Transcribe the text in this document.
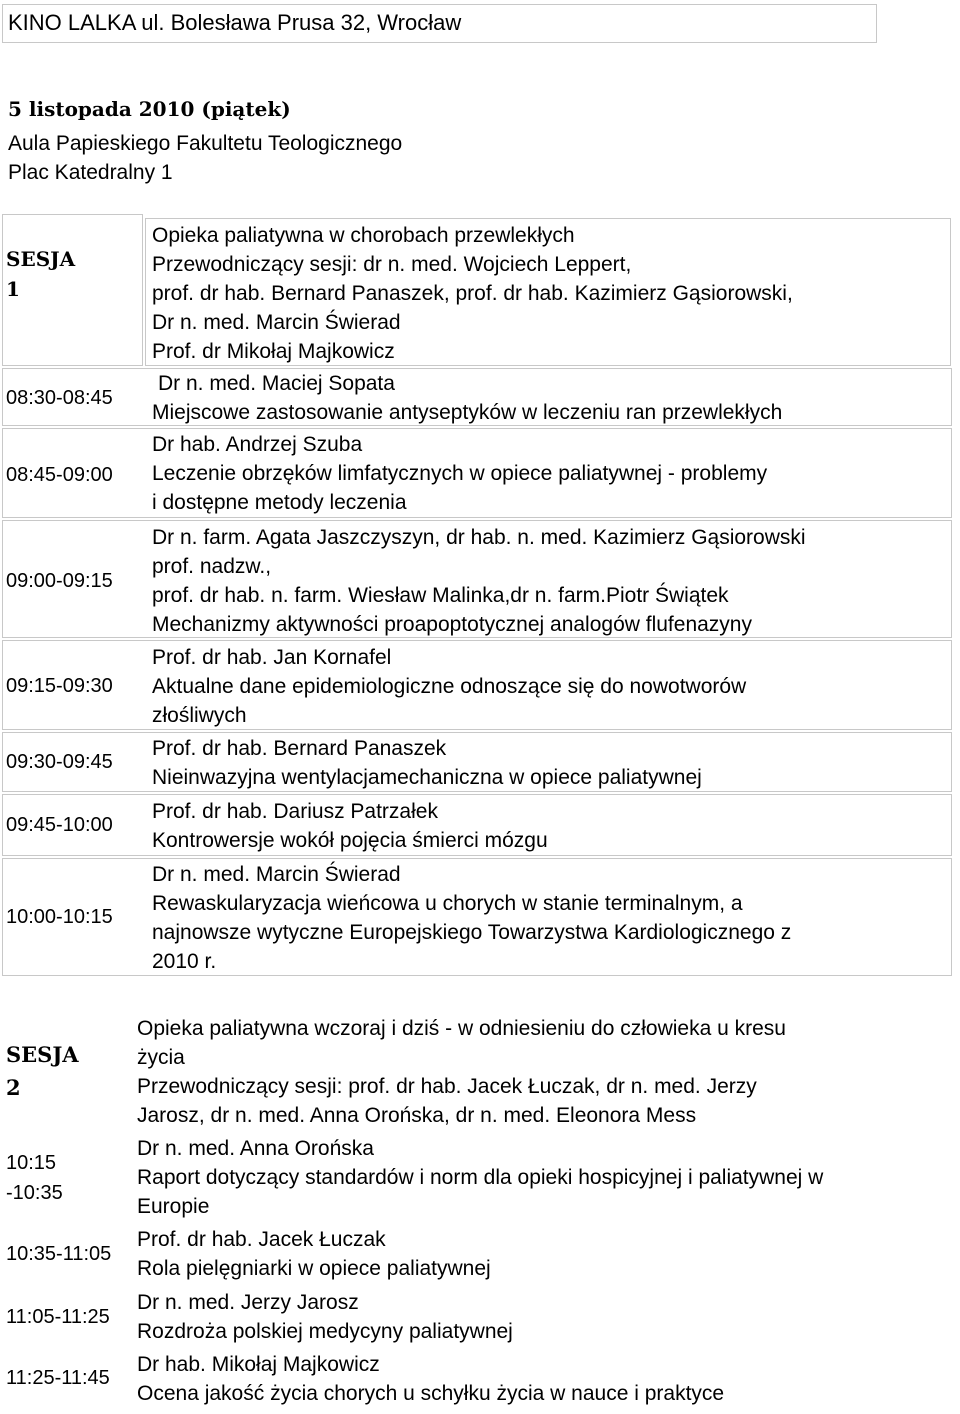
KINO LALKA ul. Bolesława Prusa 32, Wrocław
5 listopada 2010 (piątek)
Aula Papieskiego Fakultetu Teologicznego
Plac Katedralny 1
SESJA
1
Opieka paliatywna w chorobach przewlekłych
Przewodniczący sesji: dr n. med. Wojciech Leppert,
prof. dr hab. Bernard Panaszek, prof. dr hab. Kazimierz Gąsiorowski,
Dr n. med. Marcin Świerad
Prof. dr Mikołaj Majkowicz
08:30-08:45
Dr n. med. Maciej Sopata
Miejscowe zastosowanie antyseptyków w leczeniu ran przewlekłych
08:45-09:00
Dr hab. Andrzej Szuba
Leczenie obrzęków limfatycznych w opiece paliatywnej - problemy
i dostępne metody leczenia
09:00-09:15
Dr n. farm. Agata Jaszczyszyn, dr hab. n. med. Kazimierz Gąsiorowski
prof. nadzw.,
prof. dr hab. n. farm. Wiesław Malinka,dr n. farm.Piotr Świątek
Mechanizmy aktywności proapoptotycznej analogów flufenazyny
09:15-09:30
Prof. dr hab. Jan Kornafel
Aktualne dane epidemiologiczne odnoszące się do nowotworów
złośliwych
09:30-09:45
Prof. dr hab. Bernard Panaszek
Nieinwazyjna wentylacjamechaniczna w opiece paliatywnej
09:45-10:00
Prof. dr hab. Dariusz Patrzałek
Kontrowersje wokół pojęcia śmierci mózgu
10:00-10:15
Dr n. med. Marcin Świerad
Rewaskularyzacja wieńcowa u chorych w stanie terminalnym, a
najnowsze wytyczne Europejskiego Towarzystwa Kardiologicznego z
2010 r.
SESJA
2
Opieka paliatywna wczoraj i dziś - w odniesieniu do człowieka u kresu
życia
Przewodniczący sesji: prof. dr hab. Jacek Łuczak, dr n. med. Jerzy
Jarosz, dr n. med. Anna Orońska, dr n. med. Eleonora Mess
10:15
-10:35
Dr n. med. Anna Orońska
Raport dotyczący standardów i norm dla opieki hospicyjnej i paliatywnej w
Europie
10:35-11:05
Prof. dr hab. Jacek Łuczak
Rola pielęgniarki w opiece paliatywnej
11:05-11:25
Dr n. med. Jerzy Jarosz
Rozdroża polskiej medycyny paliatywnej
11:25-11:45
Dr hab. Mikołaj Majkowicz
Ocena jakość życia chorych u schyłku życia w nauce i praktyce
